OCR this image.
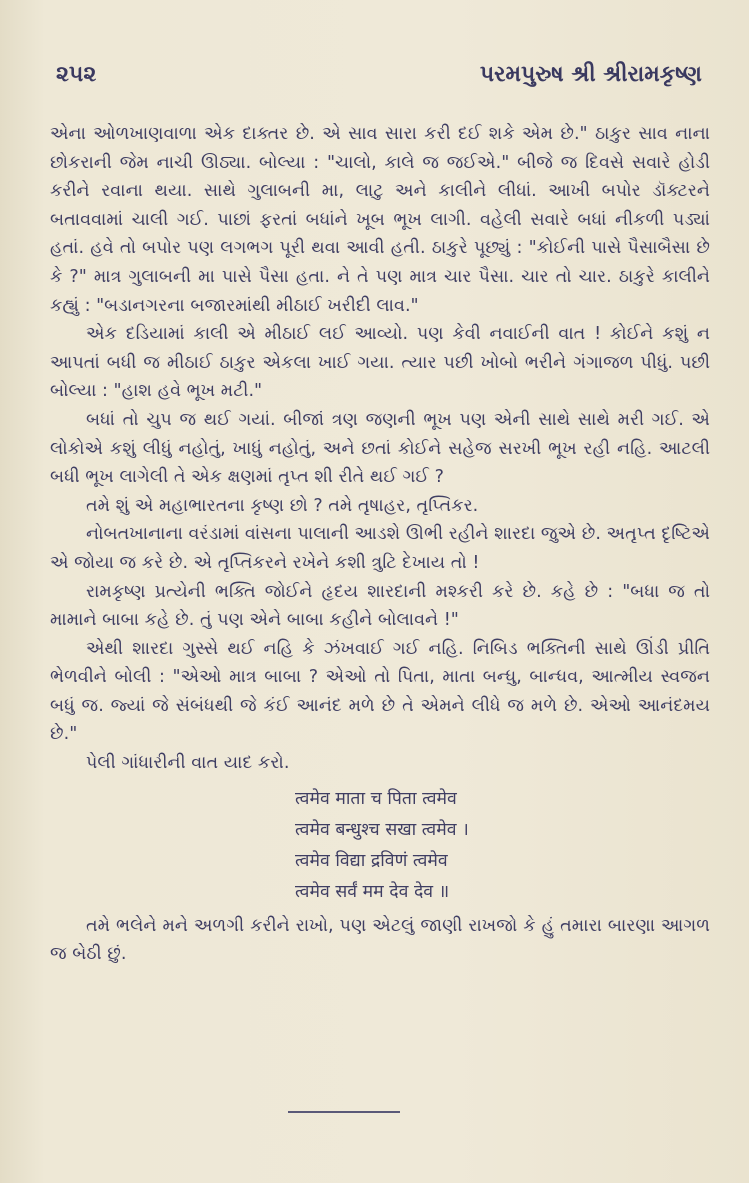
૨૫૨	પરમપુરુષ શ્રી શ્રીરામકૃષ્ણ

એના ઓળખાણવાળા એક દાક્તર છે. એ સાવ સારા કરી દઈ શકે એમ છે." ઠાકુર સાવ નાના છોકરાની જેમ નાચી ઊઠ્યા. બોલ્યા : "ચાલો, કાલે જ જઈએ." બીજે જ દિવસે સવારે હોડી કરીને રવાના થયા. સાથે ગુલાબની મા, લાટુ અને કાલીને લીધાં. આખી બપોર ડૉક્ટરને બતાવવામાં ચાલી ગઈ. પાછાં ફરતાં બધાંને ખૂબ ભૂખ લાગી. વહેલી સવારે બધાં નીકળી પડ્યાં હતાં. હવે તો બપોર પણ લગભગ પૂરી થવા આવી હતી. ઠાકુરે પૂછ્યું : "કોઈની પાસે પૈસાબૈસા છે કે ?" માત્ર ગુલાબની મા પાસે પૈસા હતા. ને તે પણ માત્ર ચાર પૈસા. ચાર તો ચાર. ઠાકુરે કાલીને કહ્યું : "બડાનગરના બજારમાંથી મીઠાઈ ખરીદી લાવ."

એક દડિયામાં કાલી એ મીઠાઈ લઈ આવ્યો. પણ કેવી નવાઈની વાત ! કોઈને કશું ન આપતાં બધી જ મીઠાઈ ઠાકુર એકલા ખાઈ ગયા. ત્યાર પછી ખોબો ભરીને ગંગાજળ પીધું. પછી બોલ્યા : "હાશ હવે ભૂખ મટી."

બધાં તો ચુપ જ થઈ ગયાં. બીજાં ત્રણ જણની ભૂખ પણ એની સાથે સાથે મરી ગઈ. એ લોકોએ કશું લીધું નહોતું, ખાધું નહોતું, અને છતાં કોઈને સહેજ સરખી ભૂખ રહી નહિ. આટલી બધી ભૂખ લાગેલી તે એક ક્ષણમાં તૃપ્ત શી રીતે થઈ ગઈ ?

તમે શું એ મહાભારતના કૃષ્ણ છો ? તમે તૃષાહર, તૃપ્તિકર.

નોબતખાનાના વરંડામાં વાંસના પાલાની આડશે ઊભી રહીને શારદા જુએ છે. અતૃપ્ત દૃષ્ટિએ એ જોયા જ કરે છે. એ તૃપ્તિકરને રખેને કશી ત્રુટિ દેખાય તો !

રામકૃષ્ણ પ્રત્યેની ભક્તિ જોઈને હૃદય શારદાની મશ્કરી કરે છે. કહે છે : "બધા જ તો મામાને બાબા કહે છે. તું પણ એને બાબા કહીને બોલાવને !"

એથી શારદા ગુસ્સે થઈ નહિ કે ઝંખવાઈ ગઈ નહિ. નિબિડ ભક્તિની સાથે ઊંડી પ્રીતિ ભેળવીને બોલી : "એઓ માત્ર બાબા ? એઓ તો પિતા, માતા બન્ધુ, બાન્ધવ, આત્મીય સ્વજન બધું જ. જ્યાં જે સંબંધથી જે કંઈ આનંદ મળે છે તે એમને લીધે જ મળે છે. એઓ આનંદમય છે."

પેલી ગાંધારીની વાત યાદ કરો.

त्वमेव माता च पिता त्वमेव
त्वमेव बन्धुश्च सखा त्वमेव ।
त्वमेव विद्या द्रविणं त्वमेव
त्वमेव सर्वं मम देव देव ॥

તમે ભલેને મને અળગી કરીને રાખો, પણ એટલું જાણી રાખજો કે હું તમારા બારણા આગળ જ બેઠી છું.
